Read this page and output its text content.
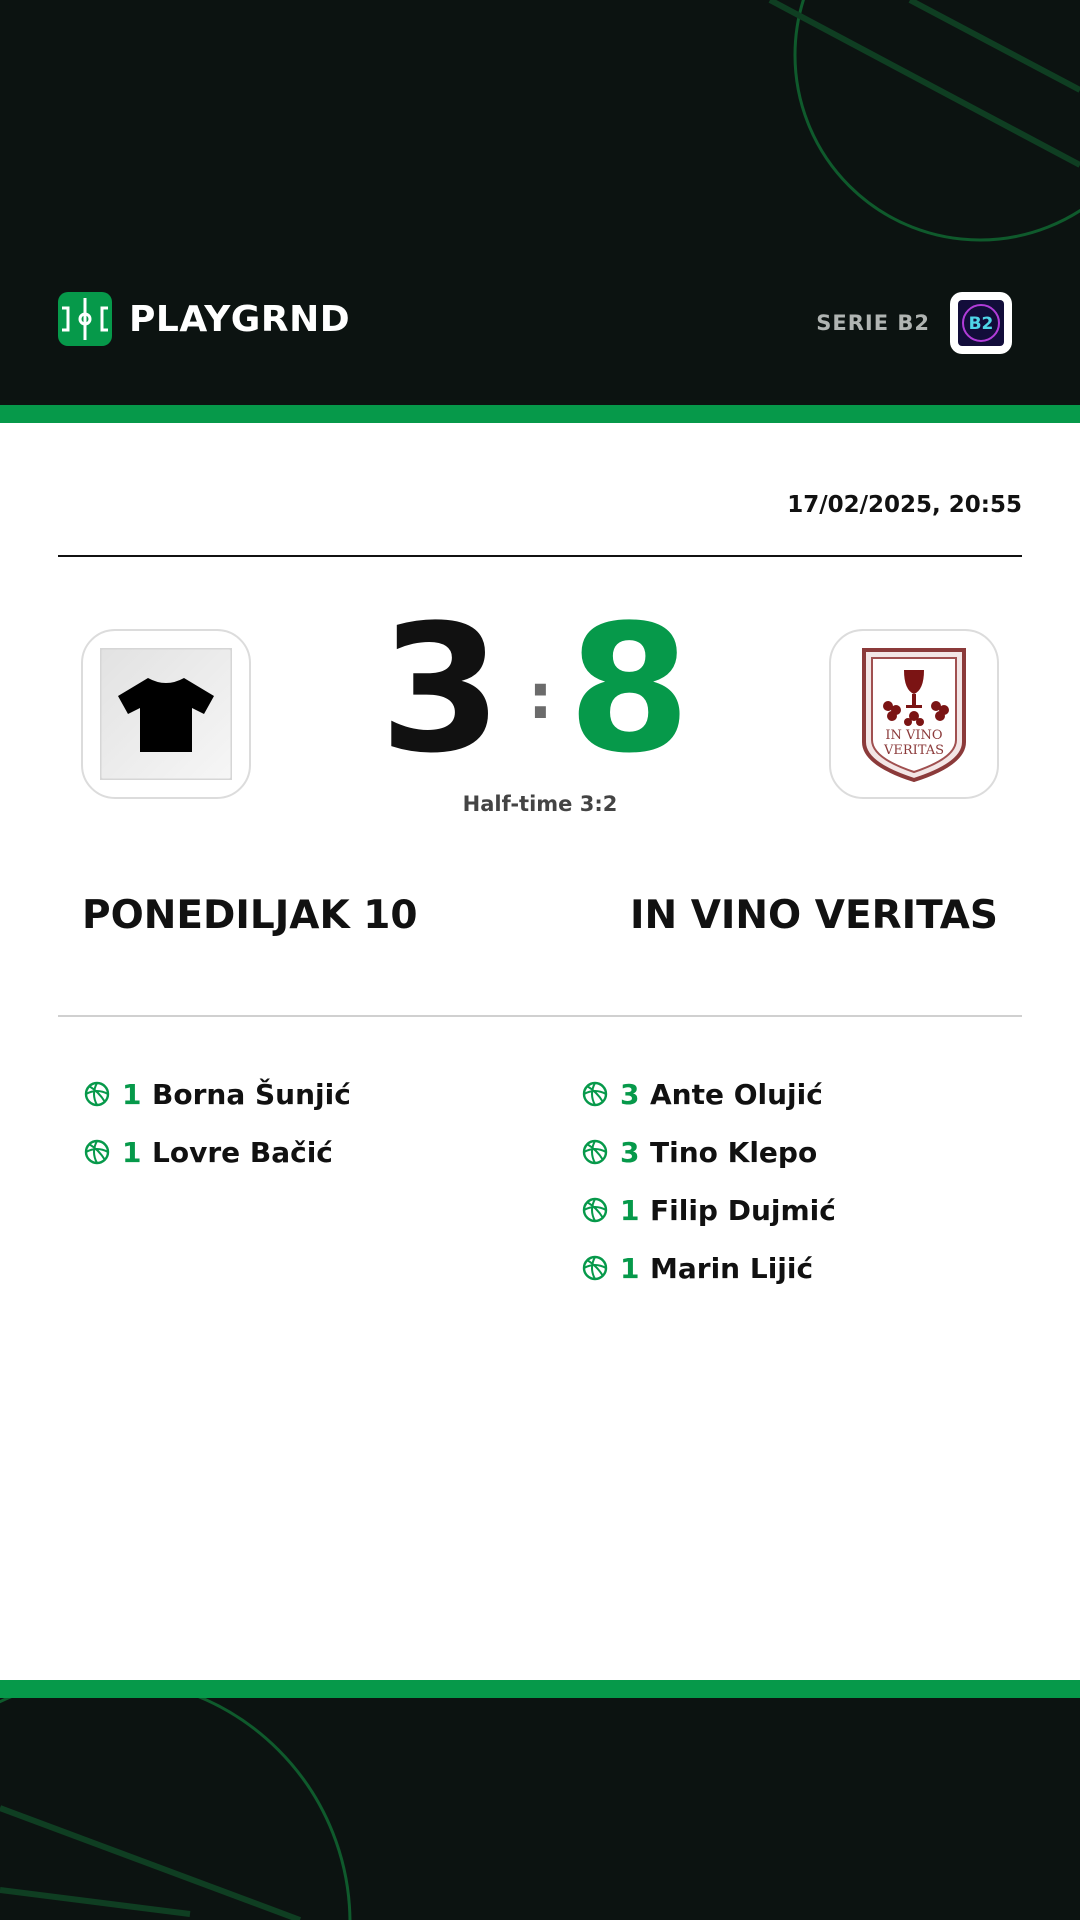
PLAYGRND	SERIE B2 B2
17/02/2025, 20:55
IN VINO
VERITAS
3 : 8
Half-time 3:2
PONEDILJAK 10	IN VINO VERITAS
1 Borna Šunjić
1 Lovre Bačić
3 Ante Olujić
3 Tino Klepo
1 Filip Dujmić
1 Marin Lijić
